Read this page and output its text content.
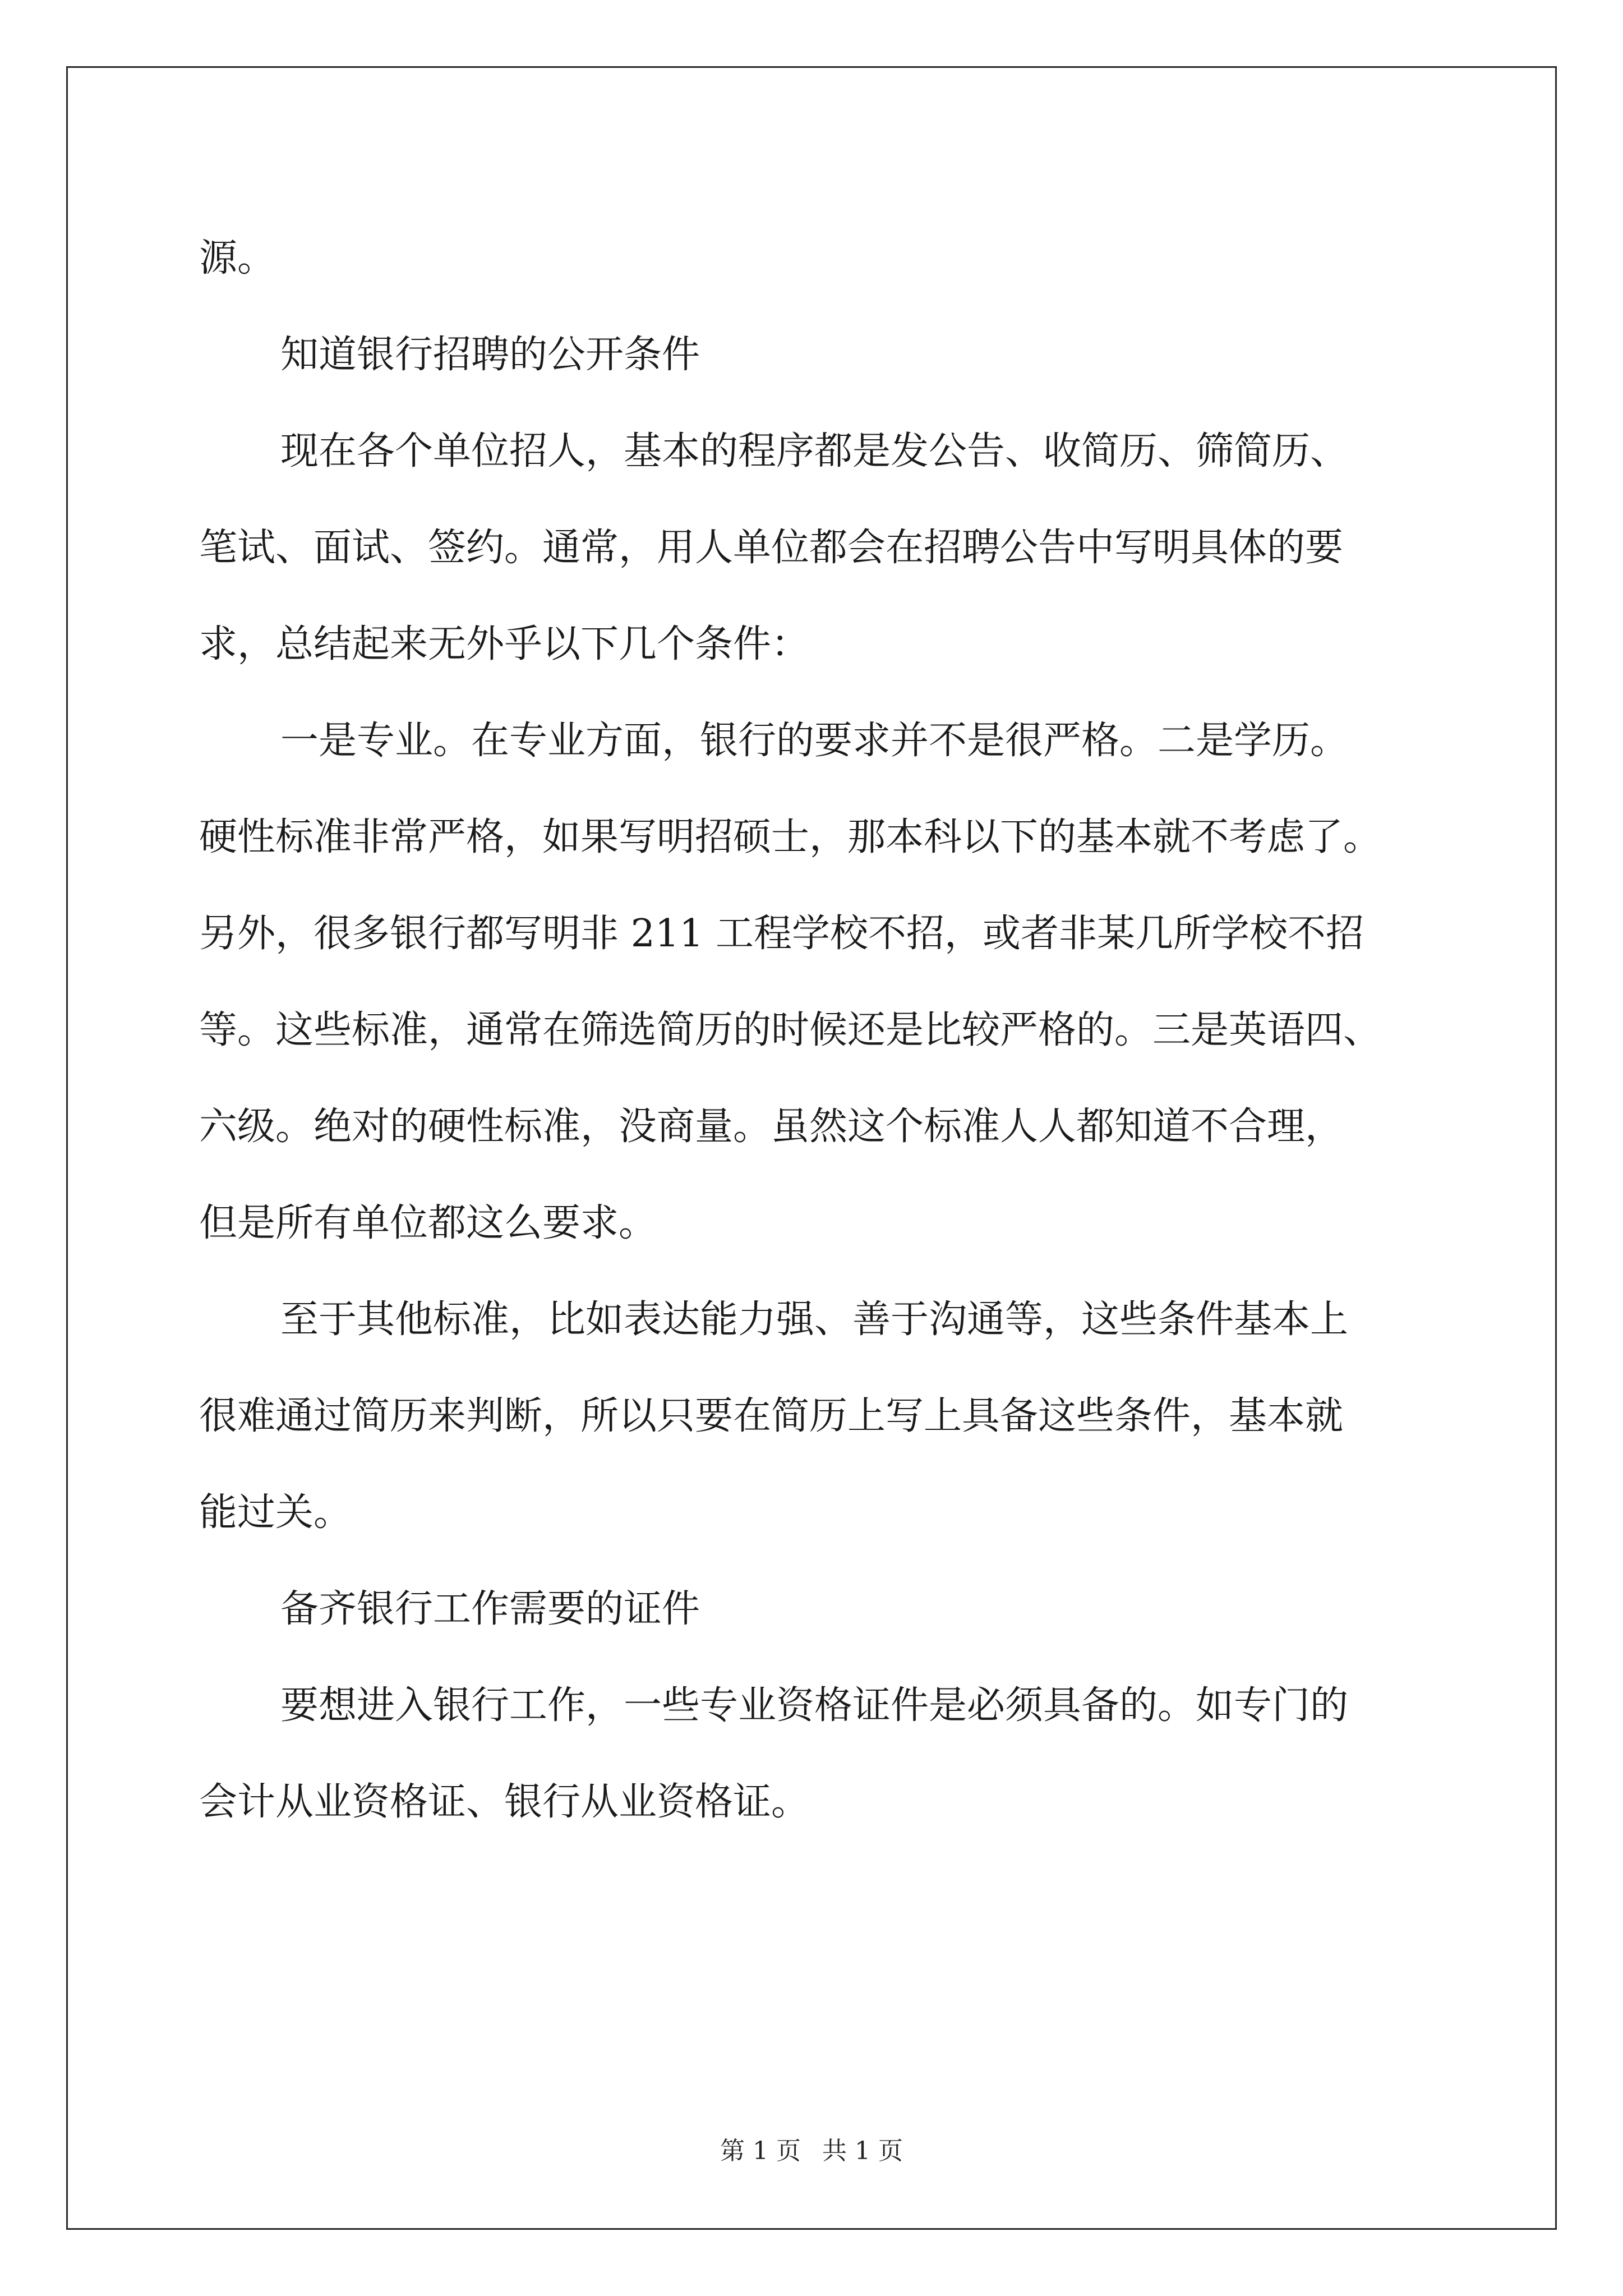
源。

知道银行招聘的公开条件

现在各个单位招人，基本的程序都是发公告、收简历、筛简历、

笔试、面试、签约。通常，用人单位都会在招聘公告中写明具体的要

求，总结起来无外乎以下几个条件：

一是专业。在专业方面，银行的要求并不是很严格。二是学历。

硬性标准非常严格，如果写明招硕士，那本科以下的基本就不考虑了。

另外，很多银行都写明非 211 工程学校不招，或者非某几所学校不招

等。这些标准，通常在筛选简历的时候还是比较严格的。三是英语四、

六级。绝对的硬性标准，没商量。虽然这个标准人人都知道不合理，

但是所有单位都这么要求。

至于其他标准，比如表达能力强、善于沟通等，这些条件基本上

很难通过简历来判断，所以只要在简历上写上具备这些条件，基本就

能过关。

备齐银行工作需要的证件

要想进入银行工作，一些专业资格证件是必须具备的。如专门的

会计从业资格证、银行从业资格证。

第 1 页 共 1 页
